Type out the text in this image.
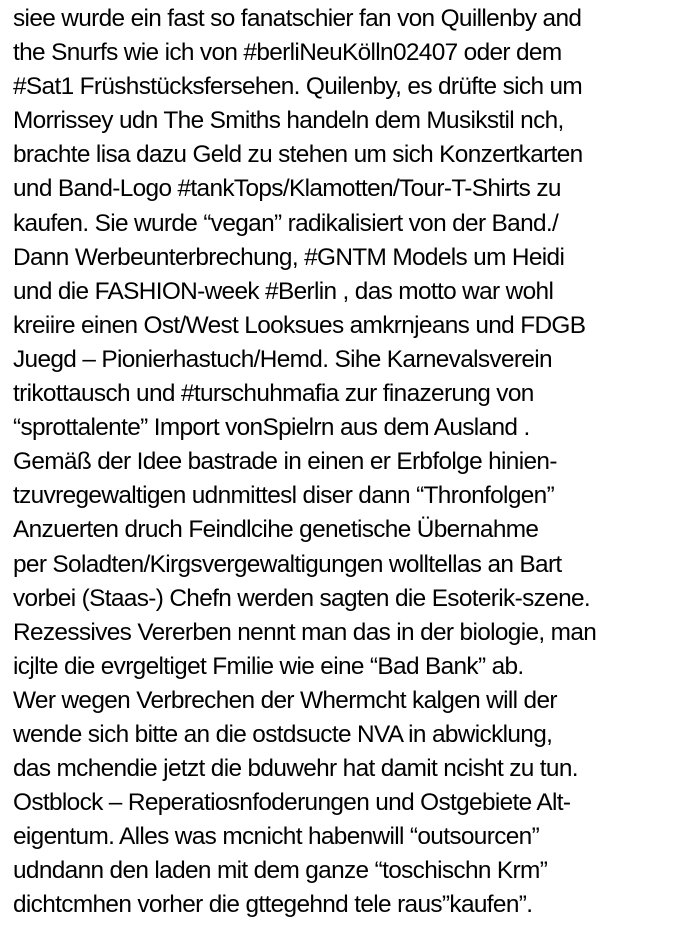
siee wurde ein fast so fanatschier fan von Quillenby and
the Snurfs wie ich von #berliNeuKölln02407 oder dem
#Sat1 Früshstücksfersehen. Quilenby, es drüfte sich um
Morrissey udn The Smiths handeln dem Musikstil nch,
brachte lisa dazu Geld zu stehen um sich Konzertkarten
und Band-Logo #tankTops/Klamotten/Tour-T-Shirts zu
kaufen. Sie wurde “vegan” radikalisiert von der Band./
Dann Werbeunterbrechung, #GNTM Models um Heidi
und die FASHION-week #Berlin , das motto war wohl
kreiire einen Ost/West Looksues amkrnjeans und FDGB
Juegd – Pionierhastuch/Hemd. Sihe Karnevalsverein
trikottausch und #turschuhmafia zur finazerung von
“sprottalente” Import vonSpielrn aus dem Ausland .
Gemäß der Idee bastrade in einen er Erbfolge hinien-
tzuvregewaltigen udnmittesl diser dann “Thronfolgen”
Anzuerten druch Feindlcihe genetische Übernahme
per Soladten/Kirgsvergewaltigungen wolltellas an Bart
vorbei (Staas-) Chefn werden sagten die Esoterik-szene.
Rezessives Vererben nennt man das in der biologie, man
icjlte die evrgeltiget Fmilie wie eine “Bad Bank” ab.
Wer wegen Verbrechen der Whermcht kalgen will der
wende sich bitte an die ostdsucte NVA in abwicklung,
das mchendie jetzt die bduwehr hat damit ncisht zu tun.
Ostblock – Reperatiosnfoderungen und Ostgebiete Alt-
eigentum. Alles was mcnicht habenwill “outsourcen”
udndann den laden mit dem ganze “toschischn Krm”
dichtcmhen vorher die gttegehnd tele raus”kaufen”.
